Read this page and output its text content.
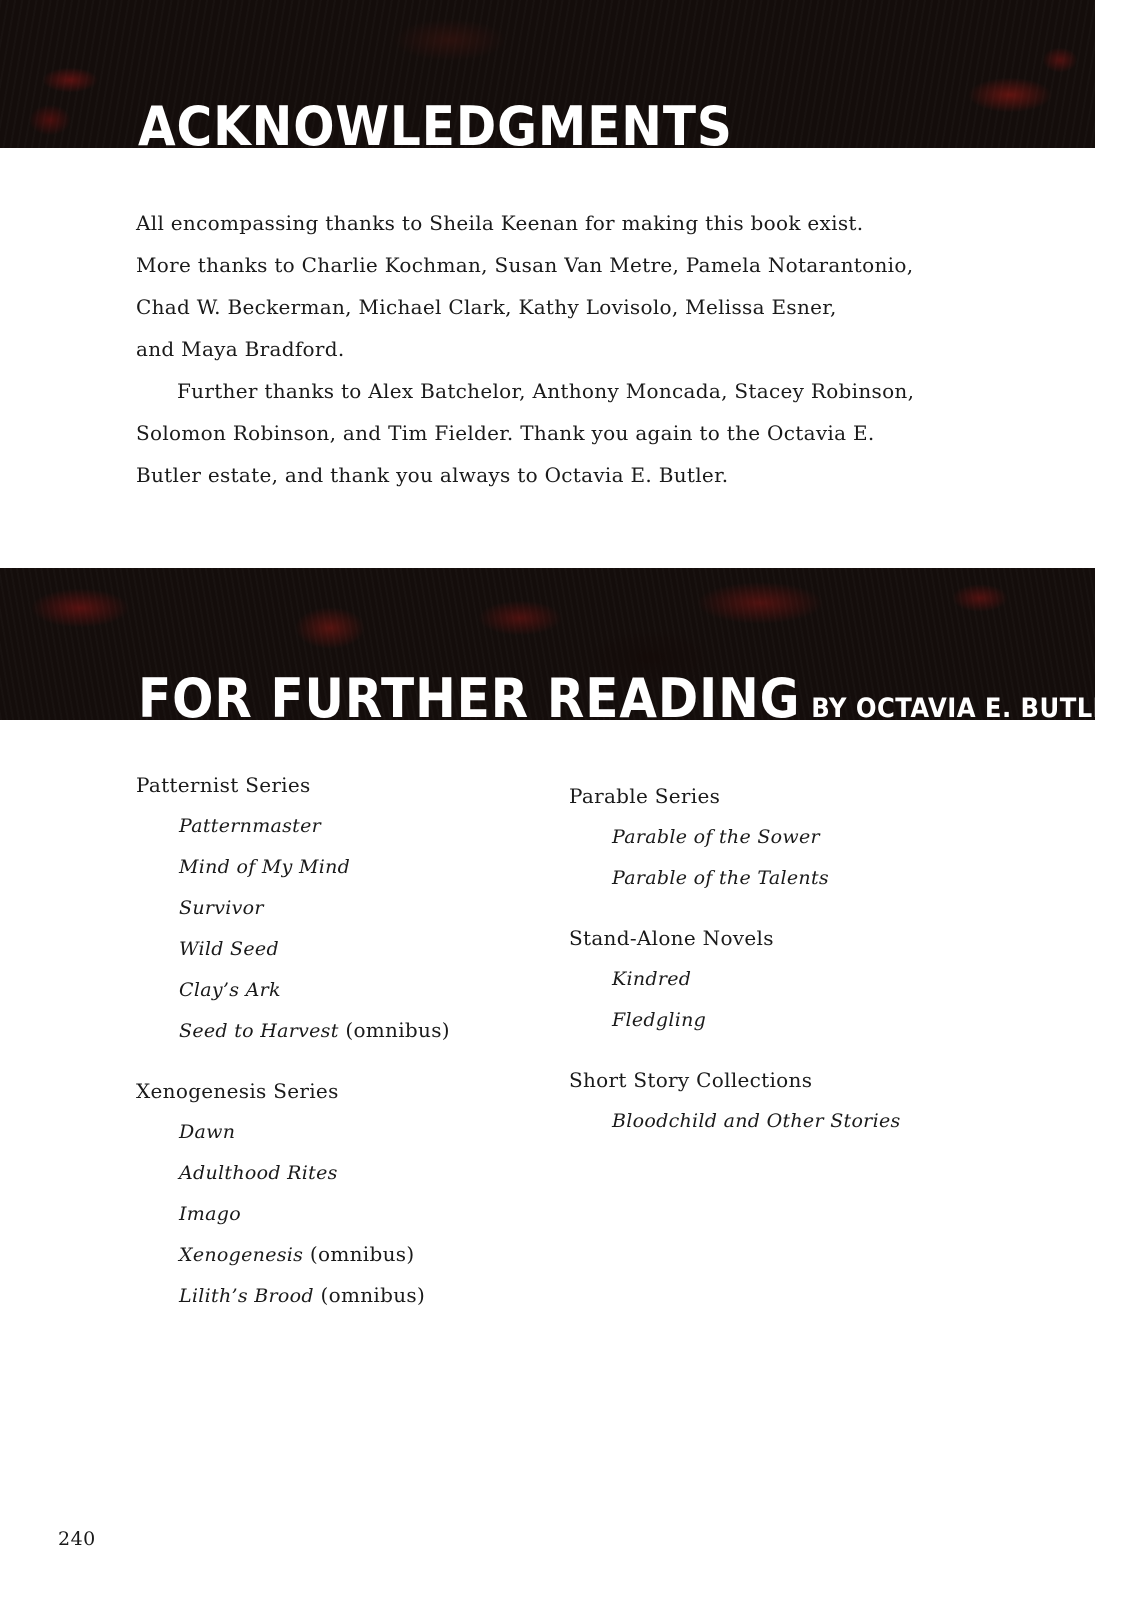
ACKNOWLEDGMENTS

All encompassing thanks to Sheila Keenan for making this book exist.

More thanks to Charlie Kochman, Susan Van Metre, Pamela Notarantonio,

Chad W. Beckerman, Michael Clark, Kathy Lovisolo, Melissa Esner,

and Maya Bradford.

Further thanks to Alex Batchelor, Anthony Moncada, Stacey Robinson,

Solomon Robinson, and Tim Fielder. Thank you again to the Octavia E.

Butler estate, and thank you always to Octavia E. Butler.

FOR FURTHER READING BY OCTAVIA E. BUTLER
Patternist Series
Patternmaster
Mind of My Mind
Survivor
Wild Seed
Clay’s Ark
Seed to Harvest (omnibus)
Xenogenesis Series
Dawn
Adulthood Rites
Imago
Xenogenesis (omnibus)
Lilith’s Brood (omnibus)
Parable Series
Parable of the Sower
Parable of the Talents
Stand-Alone Novels
Kindred
Fledgling
Short Story Collections
Bloodchild and Other Stories
240
